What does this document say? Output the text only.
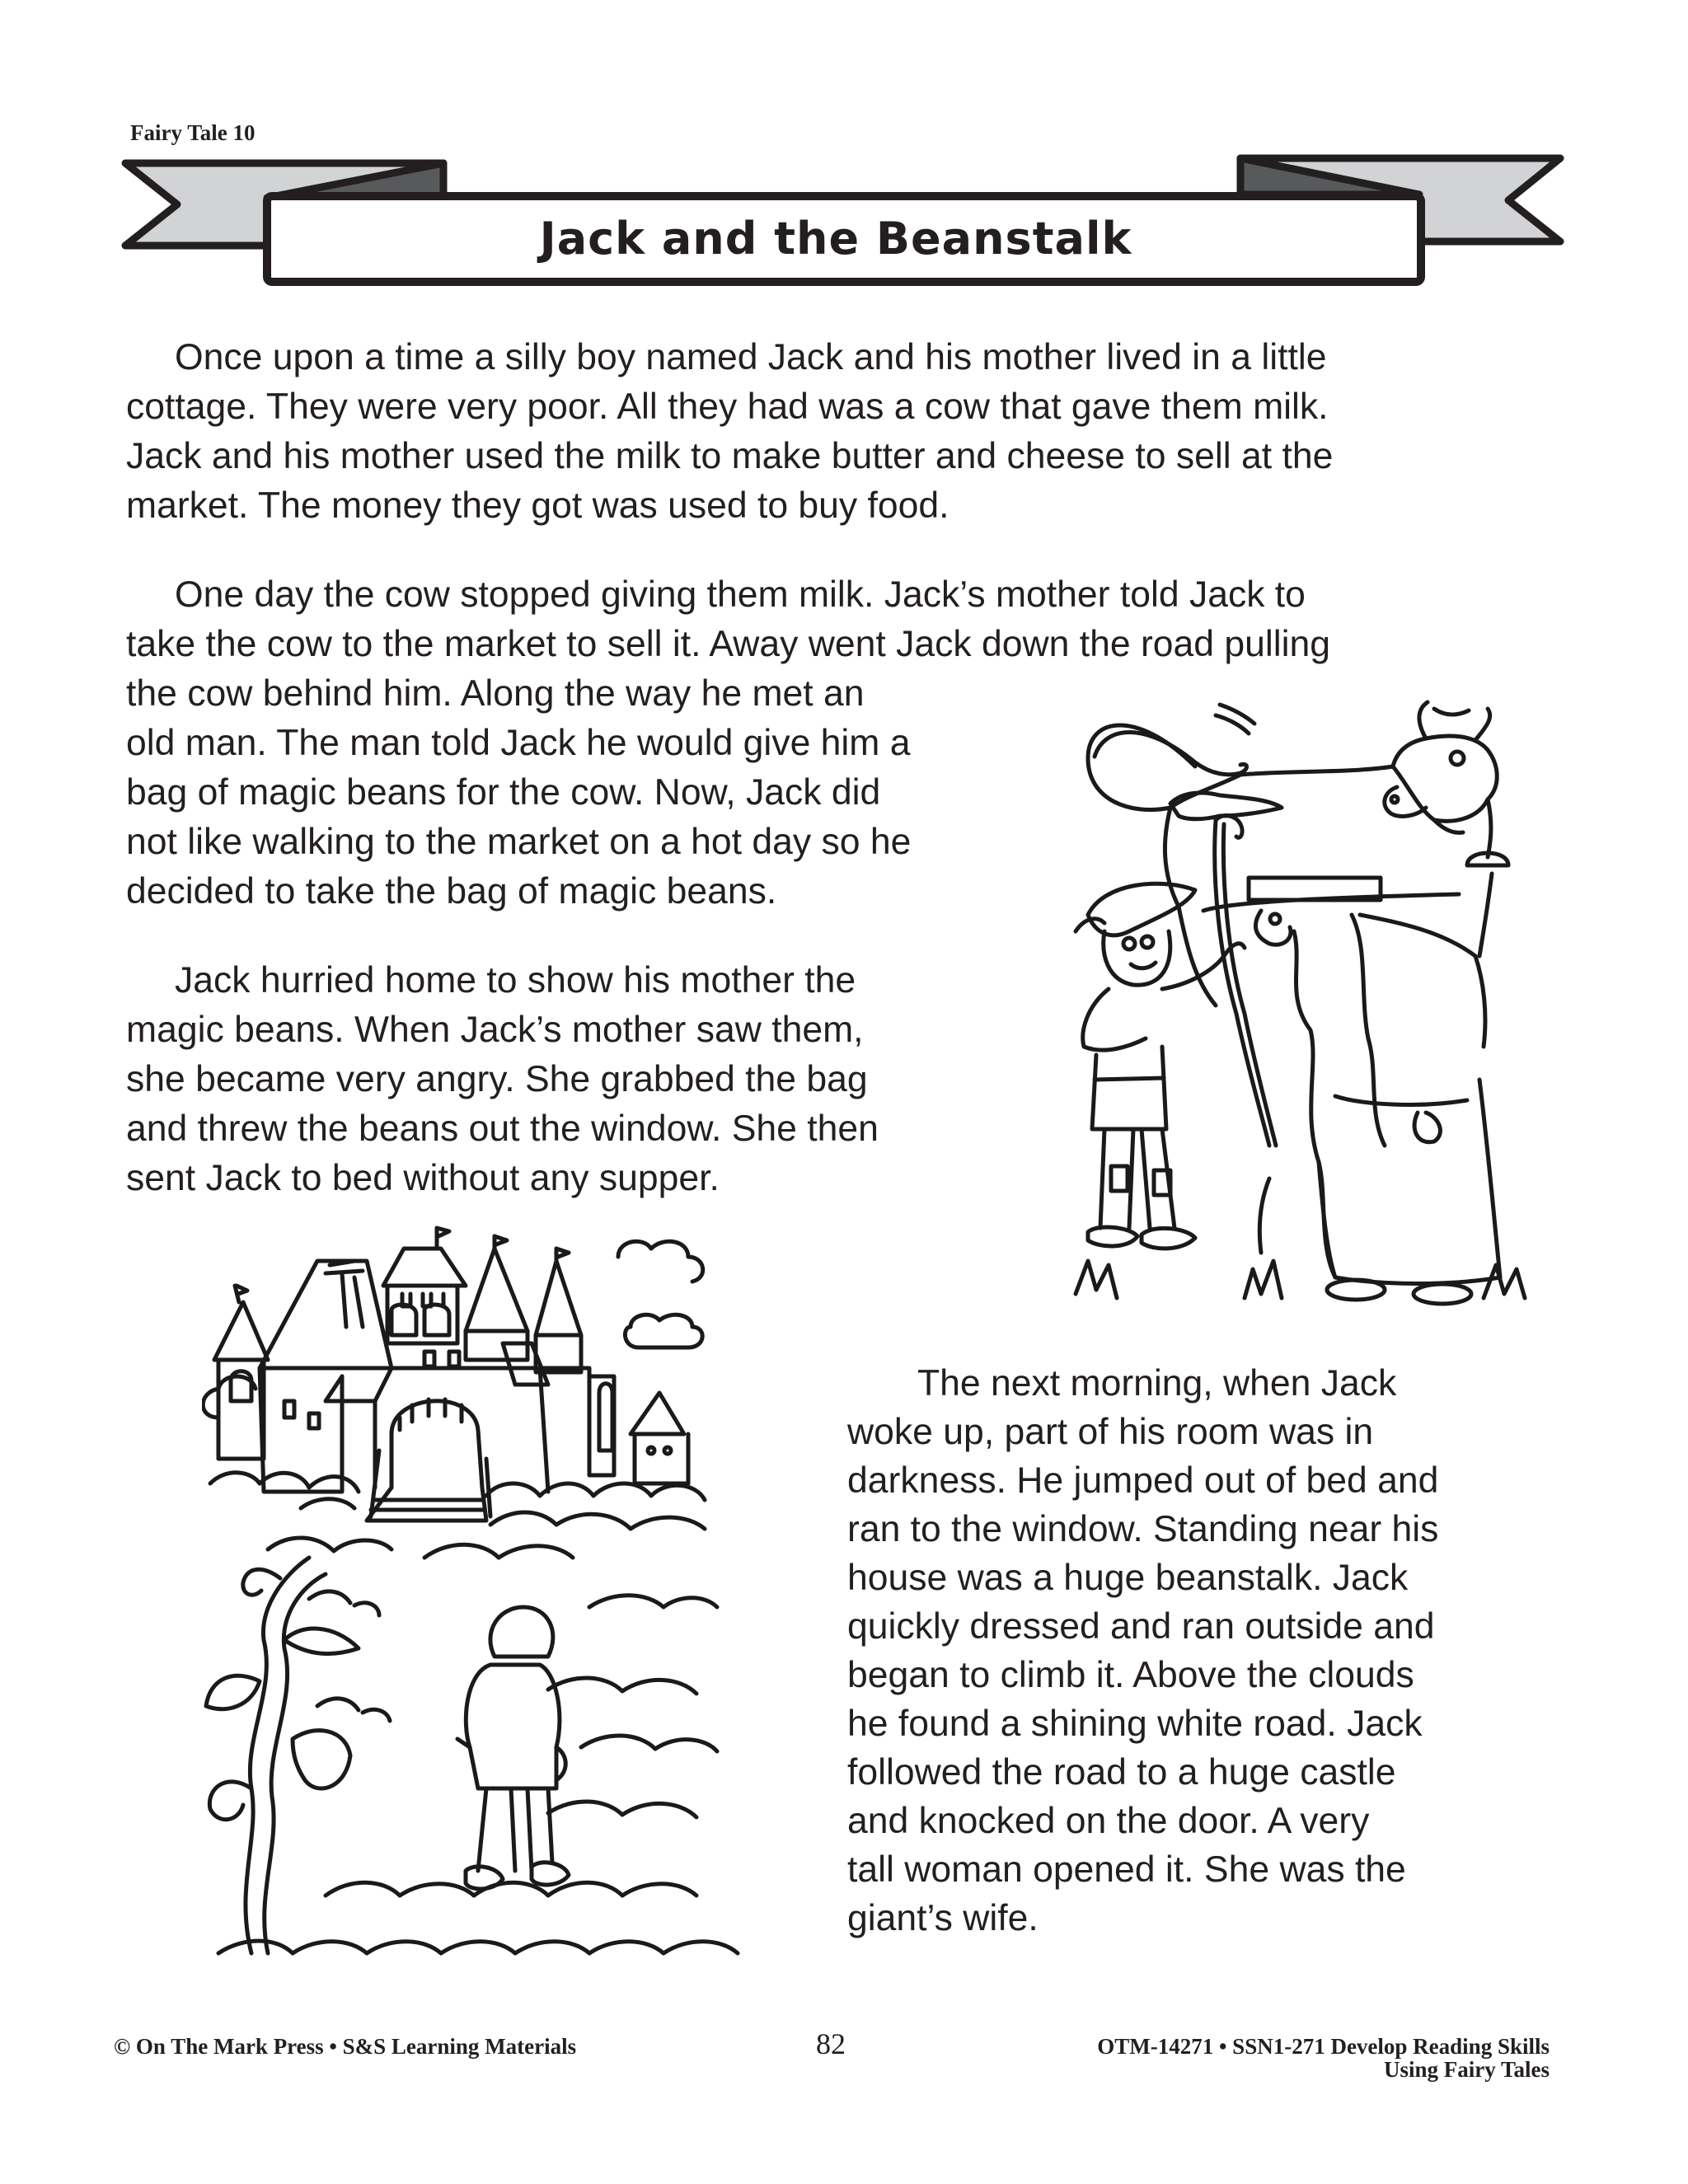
Fairy Tale 10
Jack and the Beanstalk
Once upon a time a silly boy named Jack and his mother lived in a little
cottage. They were very poor. All they had was a cow that gave them milk.
Jack and his mother used the milk to make butter and cheese to sell at the
market. The money they got was used to buy food.
One day the cow stopped giving them milk. Jack’s mother told Jack to
take the cow to the market to sell it. Away went Jack down the road pulling
the cow behind him. Along the way he met an
old man. The man told Jack he would give him a
bag of magic beans for the cow. Now, Jack did
not like walking to the market on a hot day so he
decided to take the bag of magic beans.
Jack hurried home to show his mother the
magic beans. When Jack’s mother saw them,
she became very angry. She grabbed the bag
and threw the beans out the window. She then
sent Jack to bed without any supper.
The next morning, when Jack
woke up, part of his room was in
darkness. He jumped out of bed and
ran to the window. Standing near his
house was a huge beanstalk. Jack
quickly dressed and ran outside and
began to climb it. Above the clouds
he found a shining white road. Jack
followed the road to a huge castle
and knocked on the door. A very
tall woman opened it. She was the
giant’s wife.
© On The Mark Press • S&S Learning Materials	82	OTM-14271 • SSN1-271 Develop Reading Skills
Using Fairy Tales
